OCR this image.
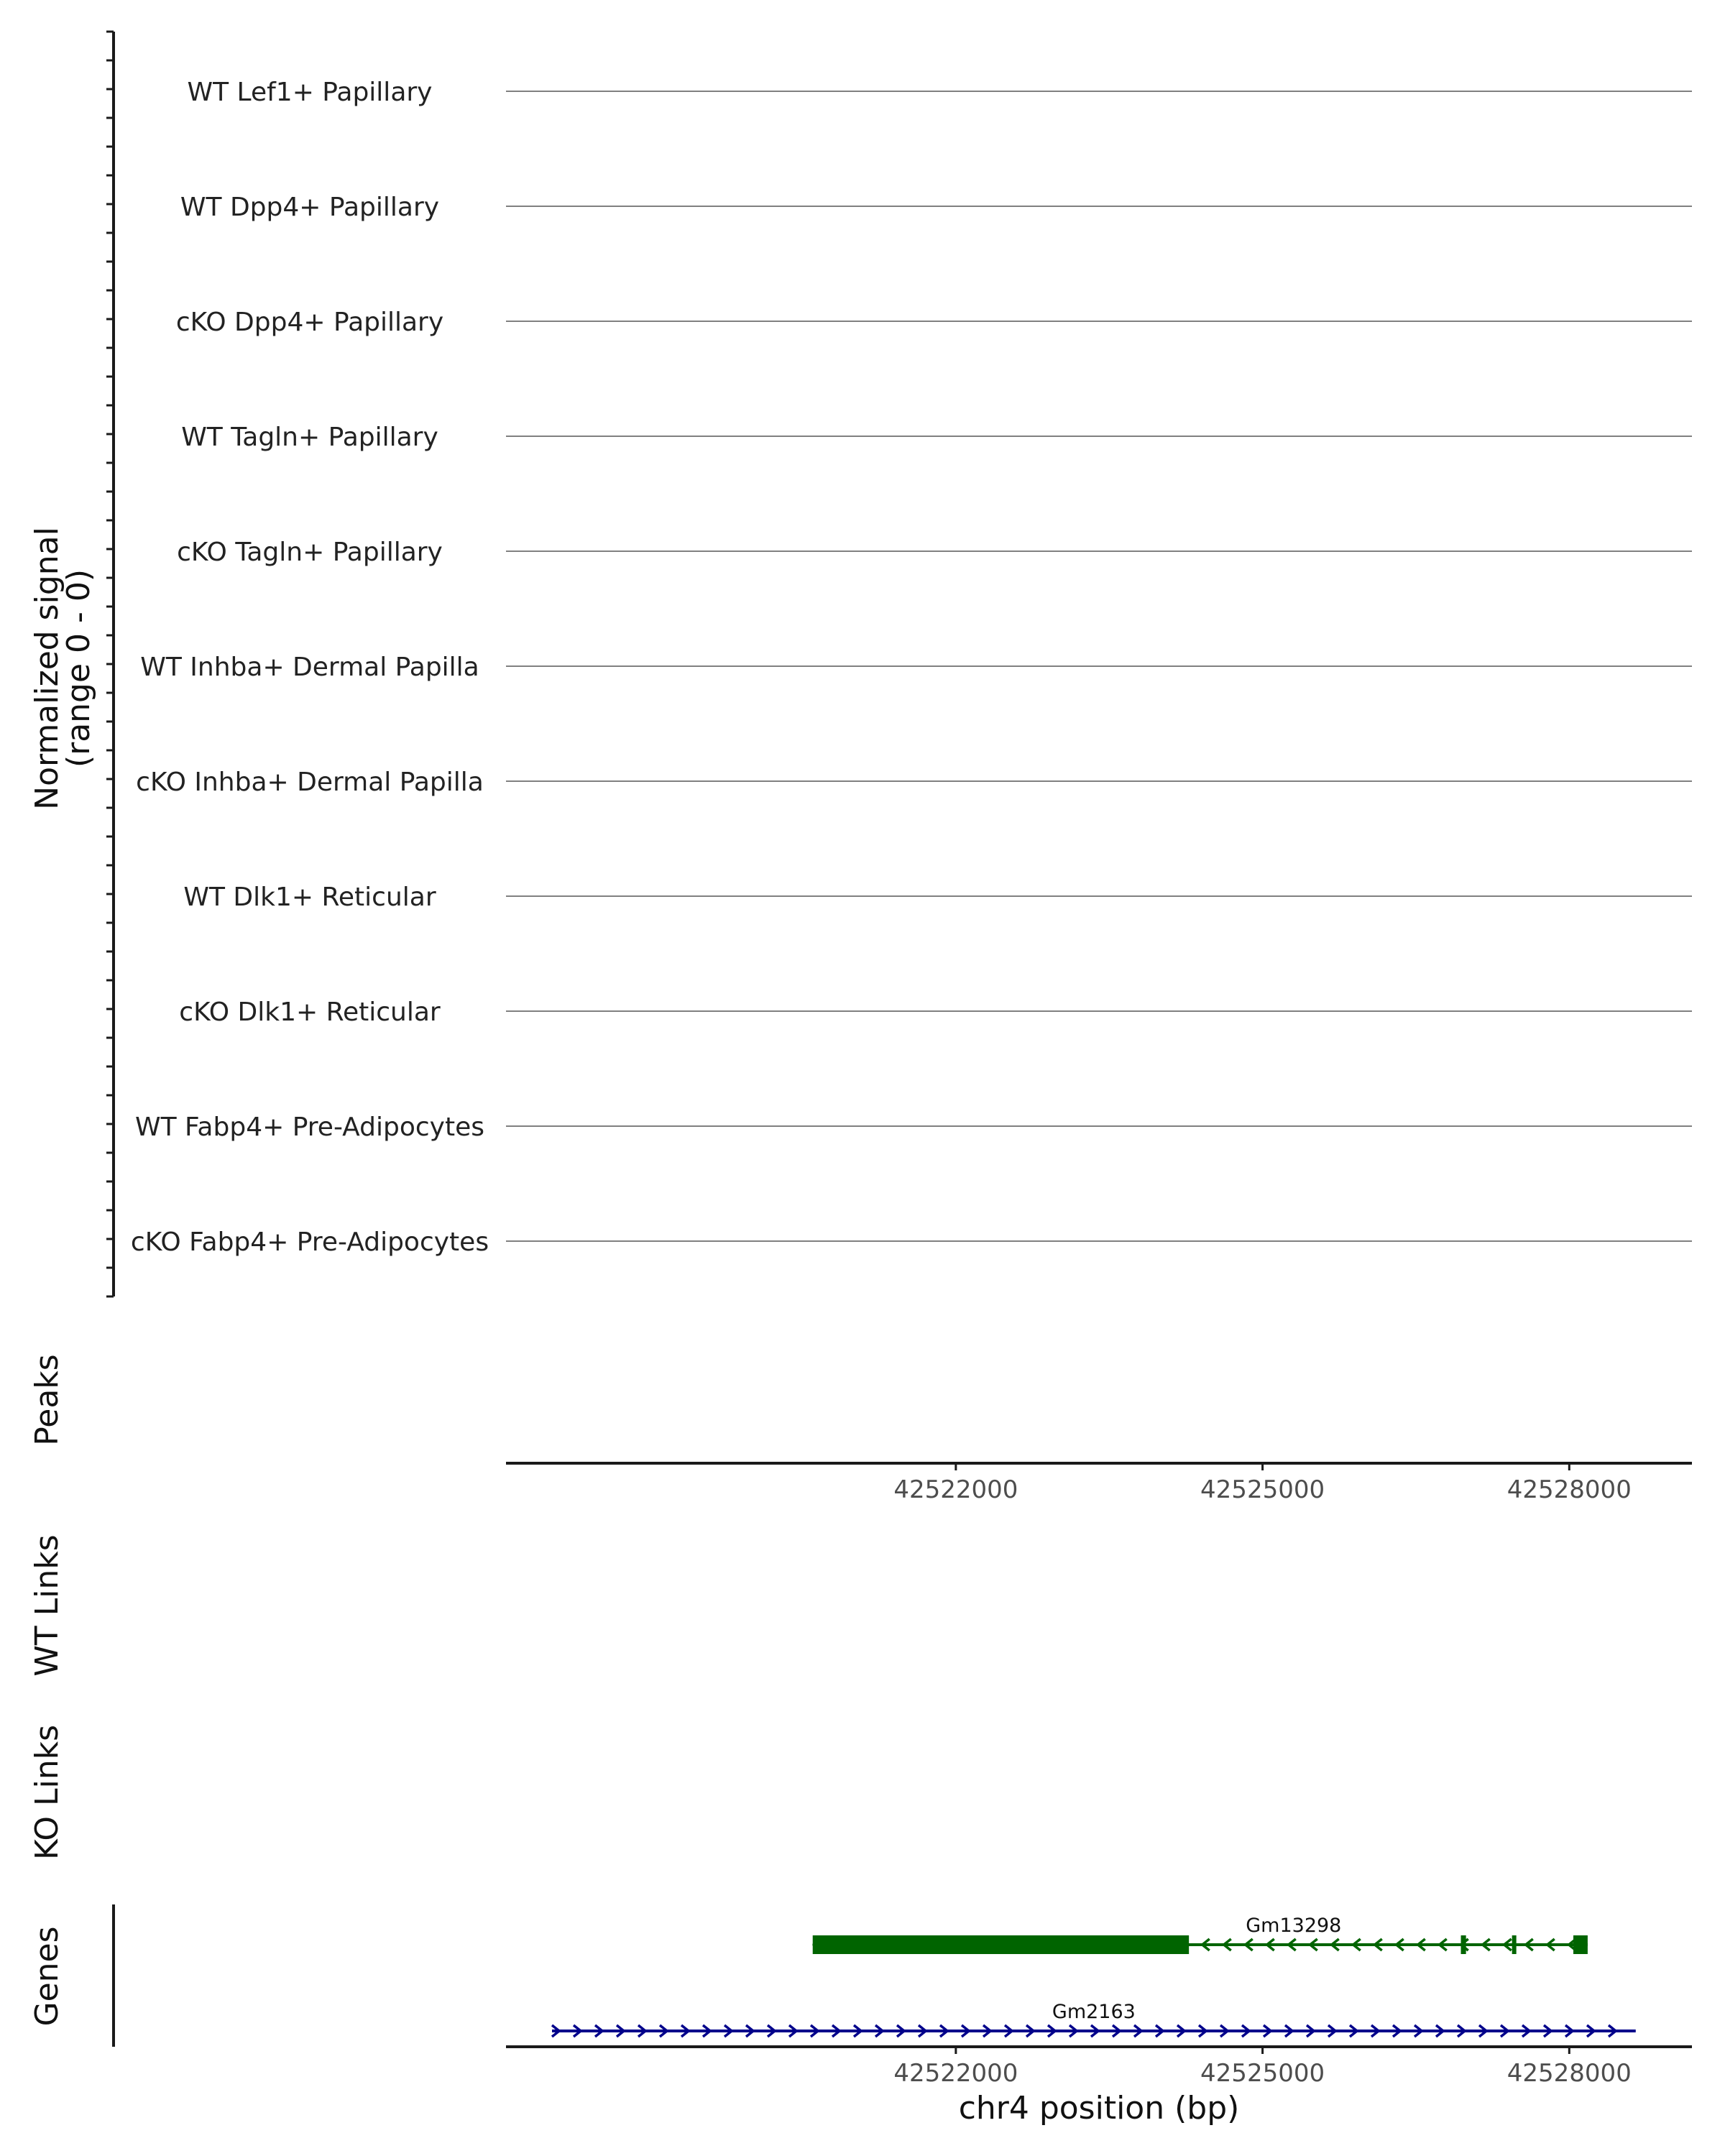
Normalized signal
(range 0 - 0)
WT Lef1+ Papillary
WT Dpp4+ Papillary
cKO Dpp4+ Papillary
WT Tagln+ Papillary
cKO Tagln+ Papillary
WT Inhba+ Dermal Papilla
cKO Inhba+ Dermal Papilla
WT Dlk1+ Reticular
cKO Dlk1+ Reticular
WT Fabp4+ Pre-Adipocytes
cKO Fabp4+ Pre-Adipocytes
Peaks
42522000	42525000	42528000
WT Links
KO Links
Genes
Gm13298
Gm2163
42522000	42525000	42528000
chr4 position (bp)
